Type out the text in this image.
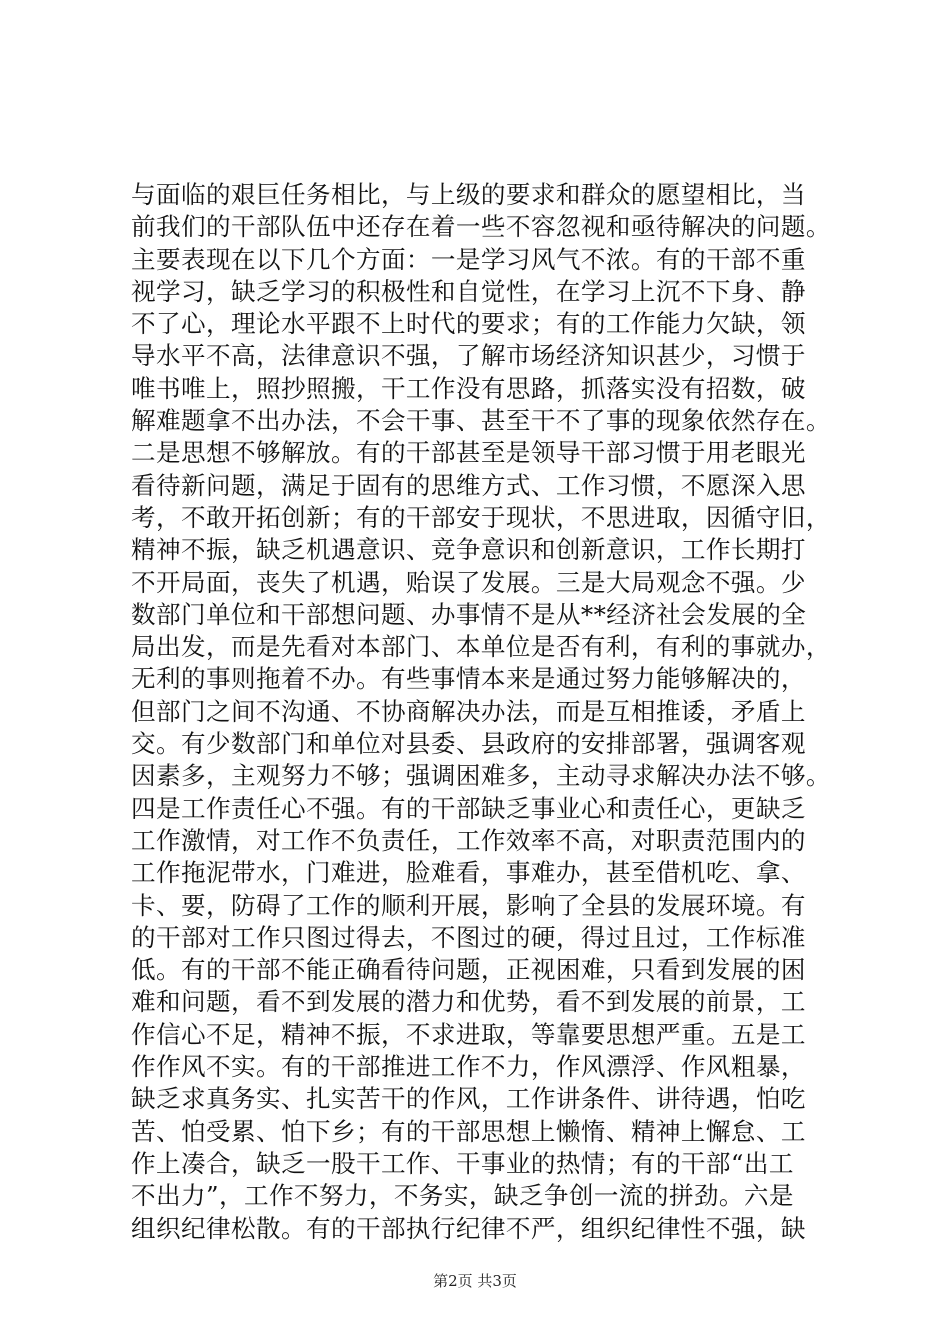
与面临的艰巨任务相比，与上级的要求和群众的愿望相比，当
前我们的干部队伍中还存在着一些不容忽视和亟待解决的问题。
主要表现在以下几个方面：一是学习风气不浓。有的干部不重
视学习，缺乏学习的积极性和自觉性，在学习上沉不下身、静
不了心，理论水平跟不上时代的要求；有的工作能力欠缺，领
导水平不高，法律意识不强，了解市场经济知识甚少，习惯于
唯书唯上，照抄照搬，干工作没有思路，抓落实没有招数，破
解难题拿不出办法，不会干事、甚至干不了事的现象依然存在。
二是思想不够解放。有的干部甚至是领导干部习惯于用老眼光
看待新问题，满足于固有的思维方式、工作习惯，不愿深入思
考，不敢开拓创新；有的干部安于现状，不思进取，因循守旧，
精神不振，缺乏机遇意识、竞争意识和创新意识，工作长期打
不开局面，丧失了机遇，贻误了发展。三是大局观念不强。少
数部门单位和干部想问题、办事情不是从**经济社会发展的全
局出发，而是先看对本部门、本单位是否有利，有利的事就办，
无利的事则拖着不办。有些事情本来是通过努力能够解决的，
但部门之间不沟通、不协商解决办法，而是互相推诿，矛盾上
交。有少数部门和单位对县委、县政府的安排部署，强调客观
因素多，主观努力不够；强调困难多，主动寻求解决办法不够。
四是工作责任心不强。有的干部缺乏事业心和责任心，更缺乏
工作激情，对工作不负责任，工作效率不高，对职责范围内的
工作拖泥带水，门难进，脸难看，事难办，甚至借机吃、拿、
卡、要，防碍了工作的顺利开展，影响了全县的发展环境。有
的干部对工作只图过得去，不图过的硬，得过且过，工作标准
低。有的干部不能正确看待问题，正视困难，只看到发展的困
难和问题，看不到发展的潜力和优势，看不到发展的前景，工
作信心不足，精神不振，不求进取，等靠要思想严重。五是工
作作风不实。有的干部推进工作不力，作风漂浮、作风粗暴，
缺乏求真务实、扎实苦干的作风，工作讲条件、讲待遇，怕吃
苦、怕受累、怕下乡；有的干部思想上懒惰、精神上懈怠、工
作上凑合，缺乏一股干工作、干事业的热情；有的干部“出工
不出力”，工作不努力，不务实，缺乏争创一流的拼劲。六是
组织纪律松散。有的干部执行纪律不严，组织纪律性不强，缺
第2页 共3页
